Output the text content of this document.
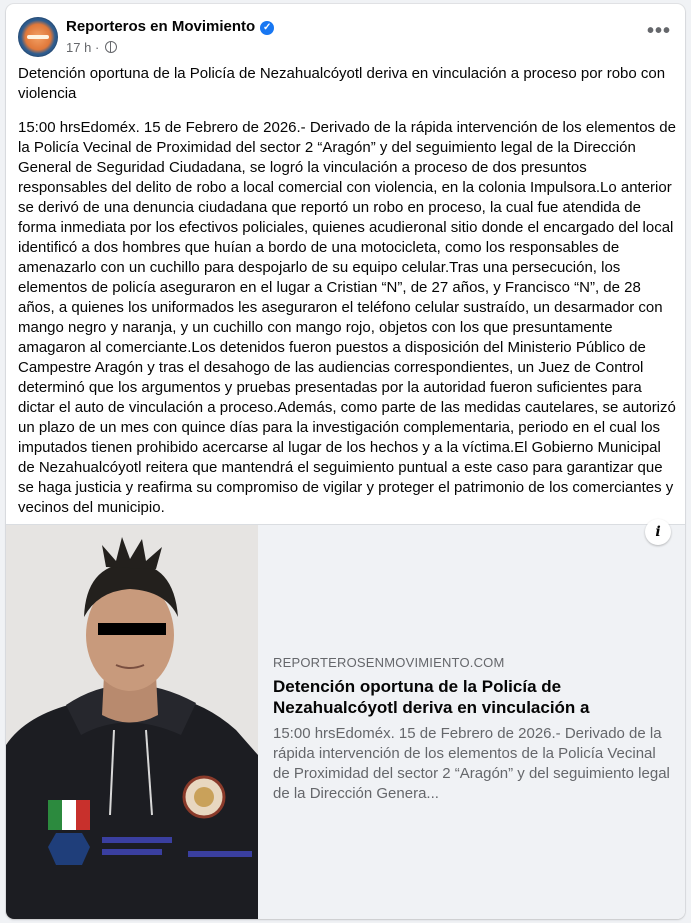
Reporteros en Movimiento ✓
17 h ·
•••

Detención oportuna de la Policía de Nezahualcóyotl deriva en vinculación a proceso por robo con violencia

15:00 hrsEdoméx. 15 de Febrero de 2026.- Derivado de la rápida intervención de los elementos de la Policía Vecinal de Proximidad del sector 2 “Aragón” y del seguimiento legal de la Dirección General de Seguridad Ciudadana, se logró la vinculación a proceso de dos presuntos responsables del delito de robo a local comercial con violencia, en la colonia Impulsora.Lo anterior se derivó de una denuncia ciudadana que reportó un robo en proceso, la cual fue atendida de forma inmediata por los efectivos policiales, quienes acudieronal sitio donde el encargado del local identificó a dos hombres que huían a bordo de una motocicleta, como los responsables de amenazarlo con un cuchillo para despojarlo de su equipo celular.Tras una persecución, los elementos de policía aseguraron en el lugar a Cristian “N”, de 27 años, y Francisco “N”, de 28 años, a quienes los uniformados les aseguraron el teléfono celular sustraído, un desarmador con mango negro y naranja, y un cuchillo con mango rojo, objetos con los que presuntamente amagaron al comerciante.Los detenidos fueron puestos a disposición del Ministerio Público de Campestre Aragón y tras el desahogo de las audiencias correspondientes, un Juez de Control determinó que los argumentos y pruebas presentadas por la autoridad fueron suficientes para dictar el auto de vinculación a proceso.Además, como parte de las medidas cautelares, se autorizó un plazo de un mes con quince días para la investigación complementaria, periodo en el cual los imputados tienen prohibido acercarse al lugar de los hechos y a la víctima.El Gobierno Municipal de Nezahualcóyotl reitera que mantendrá el seguimiento puntual a este caso para garantizar que se haga justicia y reafirma su compromiso de vigilar y proteger el patrimonio de los comerciantes y vecinos del municipio.

i
REPORTEROSENMOVIMIENTO.COM
Detención oportuna de la Policía de Nezahualcóyotl deriva en vinculación a
15:00 hrsEdoméx. 15 de Febrero de 2026.- Derivado de la rápida intervención de los elementos de la Policía Vecinal de Proximidad del sector 2 “Aragón” y del seguimiento legal de la Dirección Genera...
